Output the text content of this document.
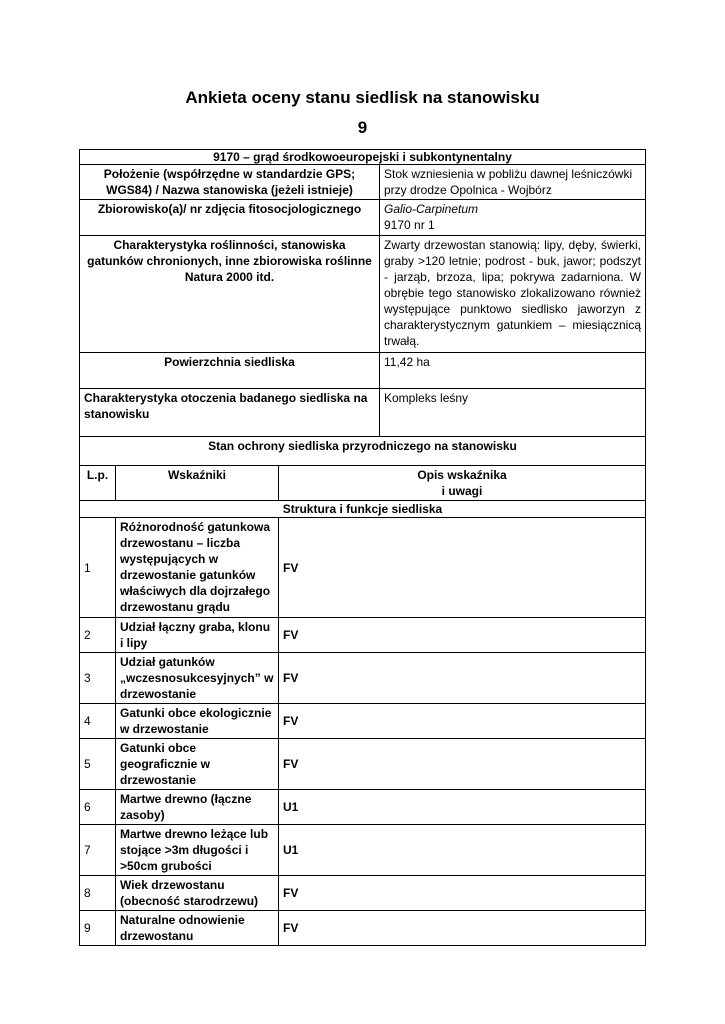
Ankieta oceny stanu siedlisk na stanowisku
9
9170 – grąd środkowoeuropejski i subkontynentalny			
Położenie (współrzędne w standardzie GPS; WGS84) / Nazwa stanowiska (jeżeli istnieje)			Stok wzniesienia w pobliżu dawnej leśniczówki przy drodze Opolnica - Wojbórz
Zbiorowisko(a)/ nr zdjęcia fitosocjologicznego			Galio-Carpinetum
9170 nr 1

Charakterystyka roślinności, stanowiska gatunków chronionych, inne zbiorowiska roślinne Natura 2000 itd.			Zwarty drzewostan stanowią: lipy, dęby, świerki, graby >120 letnie; podrost - buk, jawor; podszyt - jarząb, brzoza, lipa; pokrywa zadarniona. W obrębie tego stanowisko zlokalizowano również występujące punktowo siedlisko jaworzyn z charakterystycznym gatunkiem – miesiącznicą trwałą.
Powierzchnia siedliska			11,42 ha
Charakterystyka otoczenia badanego siedliska na stanowisku			Kompleks leśny
Stan ochrony siedliska przyrodniczego na stanowisku			
L.p.	Wskaźniki	Opis wskaźnika
i uwagi	

Struktura i funkcje siedliska			
1	Różnorodność gatunkowa drzewostanu – liczba występujących w drzewostanie gatunków właściwych dla dojrzałego drzewostanu grądu	FV	
2	Udział łączny graba, klonu i lipy	FV	
3	Udział gatunków „wczesnosukcesyjnych” w drzewostanie	FV	
4	Gatunki obce ekologicznie w drzewostanie	FV	
5	Gatunki obce geograficznie w drzewostanie	FV	
6	Martwe drewno (łączne zasoby)	U1	
7	Martwe drewno leżące lub stojące >3m długości i >50cm grubości	U1	
8	Wiek drzewostanu (obecność starodrzewu)	FV	
9	Naturalne odnowienie drzewostanu	FV	
